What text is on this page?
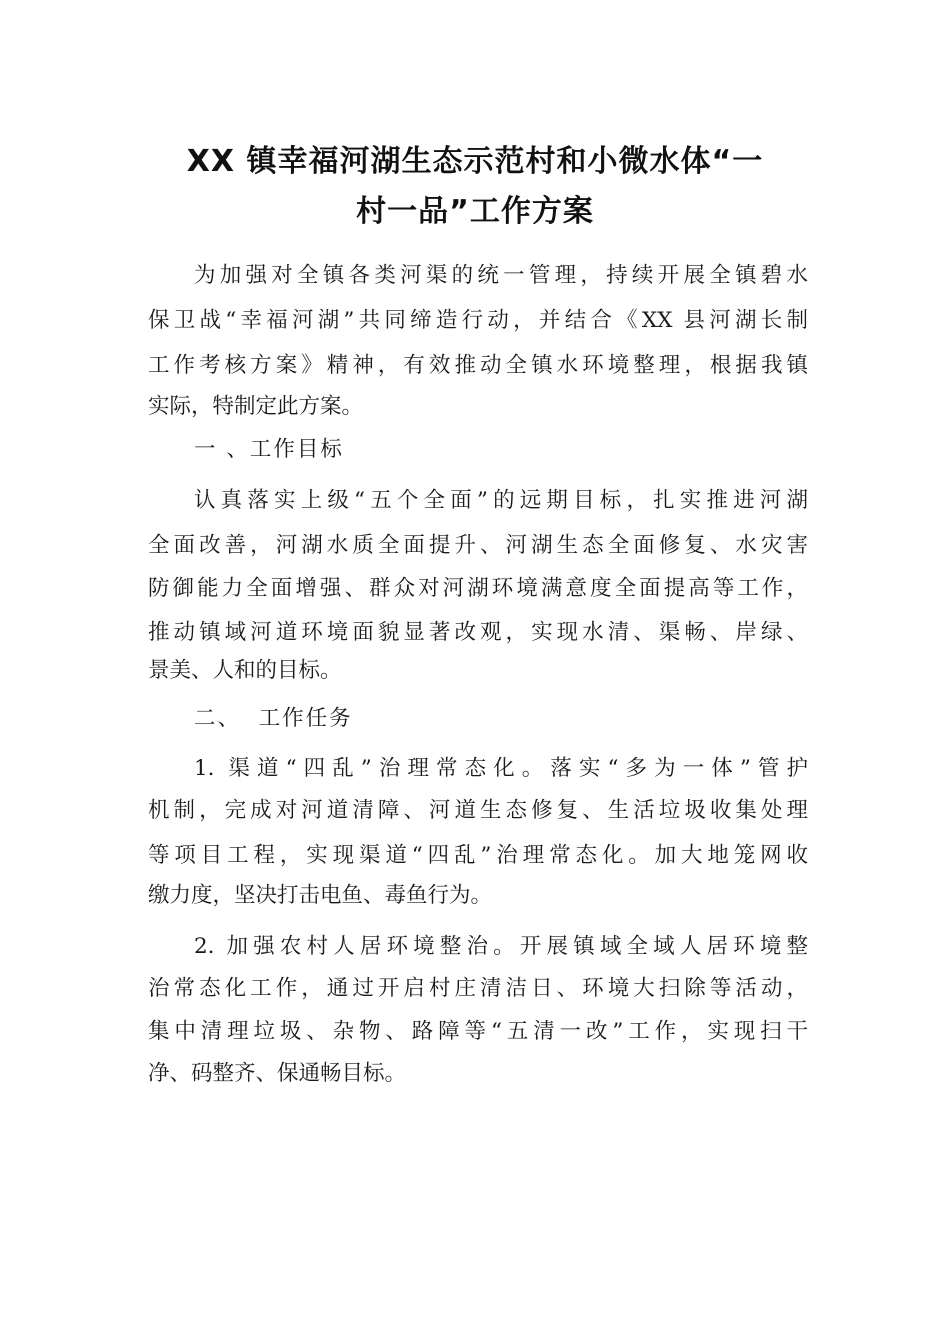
XX 镇幸福河湖生态示范村和小微水体“一
村一品”工作方案
为加强对全镇各类河渠的统一管理，持续开展全镇碧水
保卫战“幸福河湖”共同缔造行动，并结合《XX 县河湖长制
工作考核方案》精神，有效推动全镇水环境整理，根据我镇
实际，特制定此方案。
一 、工作目标
认真落实上级“五个全面”的远期目标，扎实推进河湖
全面改善，河湖水质全面提升、河湖生态全面修复、水灾害
防御能力全面增强、群众对河湖环境满意度全面提高等工作，
推动镇域河道环境面貌显著改观，实现水清、渠畅、岸绿、
景美、人和的目标。
二、  工作任务
1. 渠道“四乱”治理常态化。落实“多为一体”管护
机制，完成对河道清障、河道生态修复、生活垃圾收集处理
等项目工程，实现渠道“四乱”治理常态化。加大地笼网收
缴力度，坚决打击电鱼、毒鱼行为。
2. 加强农村人居环境整治。开展镇域全域人居环境整
治常态化工作，通过开启村庄清洁日、环境大扫除等活动，
集中清理垃圾、杂物、路障等“五清一改”工作，实现扫干
净、码整齐、保通畅目标。
